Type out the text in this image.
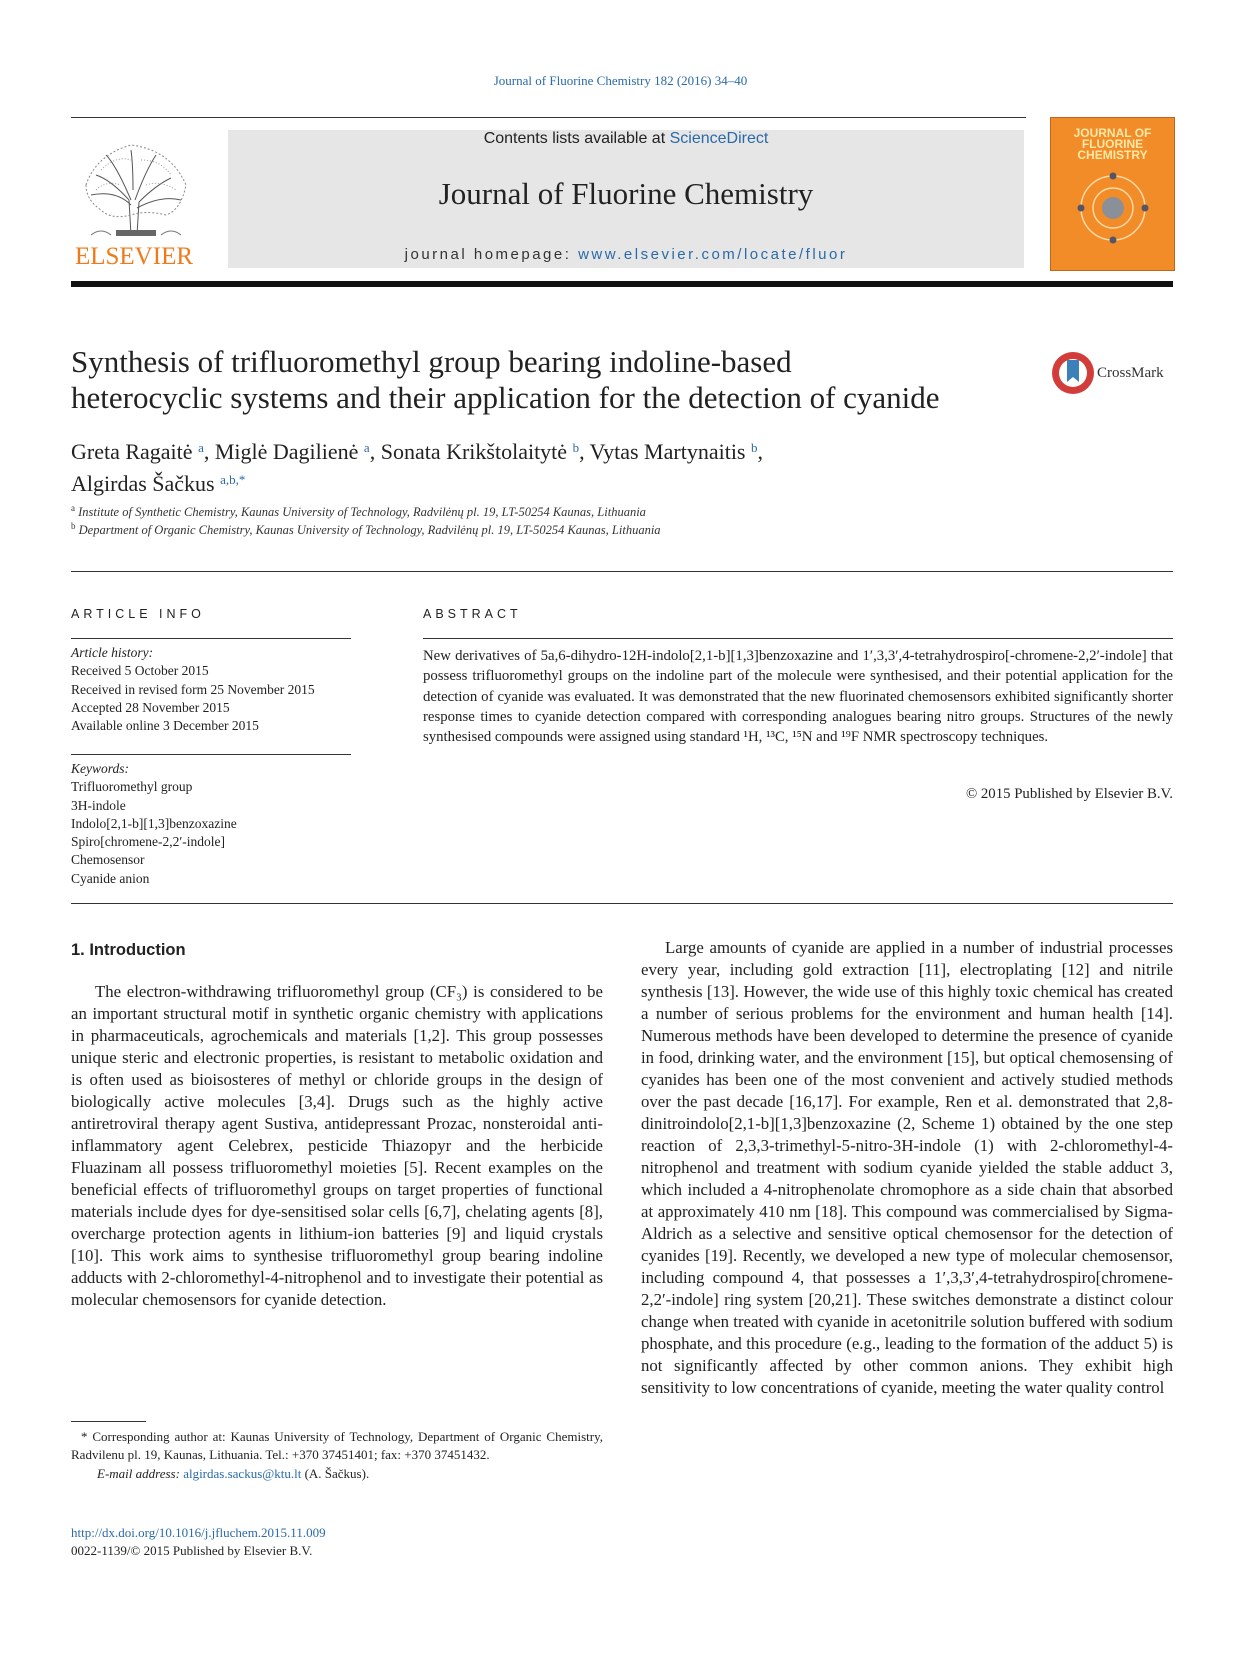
Journal of Fluorine Chemistry 182 (2016) 34–40
ELSEVIER
Contents lists available at ScienceDirect
Journal of Fluorine Chemistry
journal homepage: www.elsevier.com/locate/fluor
JOURNAL OF FLUORINE CHEMISTRY
Synthesis of trifluoromethyl group bearing indoline-based
heterocyclic systems and their application for the detection of cyanide
CrossMark
Greta Ragaitė $^a$, Miglė Dagilienė $^a$, Sonata Krikštolaitytė $^b$, Vytas Martynaitis $^b$,
Algirdas Šačkus $^{a,b,*}$
$^a$ Institute of Synthetic Chemistry, Kaunas University of Technology, Radvilėnų pl. 19, LT-50254 Kaunas, Lithuania
$^b$ Department of Organic Chemistry, Kaunas University of Technology, Radvilėnų pl. 19, LT-50254 Kaunas, Lithuania
ARTICLE INFO
Article history:
Received 5 October 2015
Received in revised form 25 November 2015
Accepted 28 November 2015
Available online 3 December 2015
Keywords:
Trifluoromethyl group
3H-indole
Indolo[2,1-b][1,3]benzoxazine
Spiro[chromene-2,2′-indole]
Chemosensor
Cyanide anion
ABSTRACT
New derivatives of 5a,6-dihydro-12H-indolo[2,1-b][1,3]benzoxazine and 1′,3,3′,4-tetrahydrospiro[-chromene-2,2′-indole] that possess trifluoromethyl groups on the indoline part of the molecule were synthesised, and their potential application for the detection of cyanide was evaluated. It was demonstrated that the new fluorinated chemosensors exhibited significantly shorter response times to cyanide detection compared with corresponding analogues bearing nitro groups. Structures of the newly synthesised compounds were assigned using standard ¹H, ¹³C, ¹⁵N and ¹⁹F NMR spectroscopy techniques.
© 2015 Published by Elsevier B.V.
1. Introduction

The electron-withdrawing trifluoromethyl group (CF₃) is considered to be an important structural motif in synthetic organic chemistry with applications in pharmaceuticals, agrochemicals and materials [1,2]. This group possesses unique steric and electronic properties, is resistant to metabolic oxidation and is often used as bioisosteres of methyl or chloride groups in the design of biologically active molecules [3,4]. Drugs such as the highly active antiretroviral therapy agent Sustiva, antidepressant Prozac, nonsteroidal anti-inflammatory agent Celebrex, pesticide Thiazopyr and the herbicide Fluazinam all possess trifluoromethyl moieties [5]. Recent examples on the beneficial effects of trifluoromethyl groups on target properties of functional materials include dyes for dye-sensitised solar cells [6,7], chelating agents [8], overcharge protection agents in lithium-ion batteries [9] and liquid crystals [10]. This work aims to synthesise trifluoromethyl group bearing indoline adducts with 2-chloromethyl-4-nitrophenol and to investigate their potential as molecular chemosensors for cyanide detection.

Large amounts of cyanide are applied in a number of industrial processes every year, including gold extraction [11], electroplating [12] and nitrile synthesis [13]. However, the wide use of this highly toxic chemical has created a number of serious problems for the environment and human health [14]. Numerous methods have been developed to determine the presence of cyanide in food, drinking water, and the environment [15], but optical chemosensing of cyanides has been one of the most convenient and actively studied methods over the past decade [16,17]. For example, Ren et al. demonstrated that 2,8-dinitroindolo[2,1-b][1,3]benzoxazine (2, Scheme 1) obtained by the one step reaction of 2,3,3-trimethyl-5-nitro-3H-indole (1) with 2-chloromethyl-4-nitrophenol and treatment with sodium cyanide yielded the stable adduct 3, which included a 4-nitrophenolate chromophore as a side chain that absorbed at approximately 410 nm [18]. This compound was commercialised by Sigma-Aldrich as a selective and sensitive optical chemosensor for the detection of cyanides [19]. Recently, we developed a new type of molecular chemosensor, including compound 4, that possesses a 1′,3,3′,4-tetrahydrospiro[chromene-2,2′-indole] ring system [20,21]. These switches demonstrate a distinct colour change when treated with cyanide in acetonitrile solution buffered with sodium phosphate, and this procedure (e.g., leading to the formation of the adduct 5) is not significantly affected by other common anions. They exhibit high sensitivity to low concentrations of cyanide, meeting the water quality control

* Corresponding author at: Kaunas University of Technology, Department of Organic Chemistry, Radvilenu pl. 19, Kaunas, Lithuania. Tel.: +370 37451401; fax: +370 37451432.
E-mail address: algirdas.sackus@ktu.lt (A. Šačkus).
http://dx.doi.org/10.1016/j.jfluchem.2015.11.009
0022-1139/© 2015 Published by Elsevier B.V.
